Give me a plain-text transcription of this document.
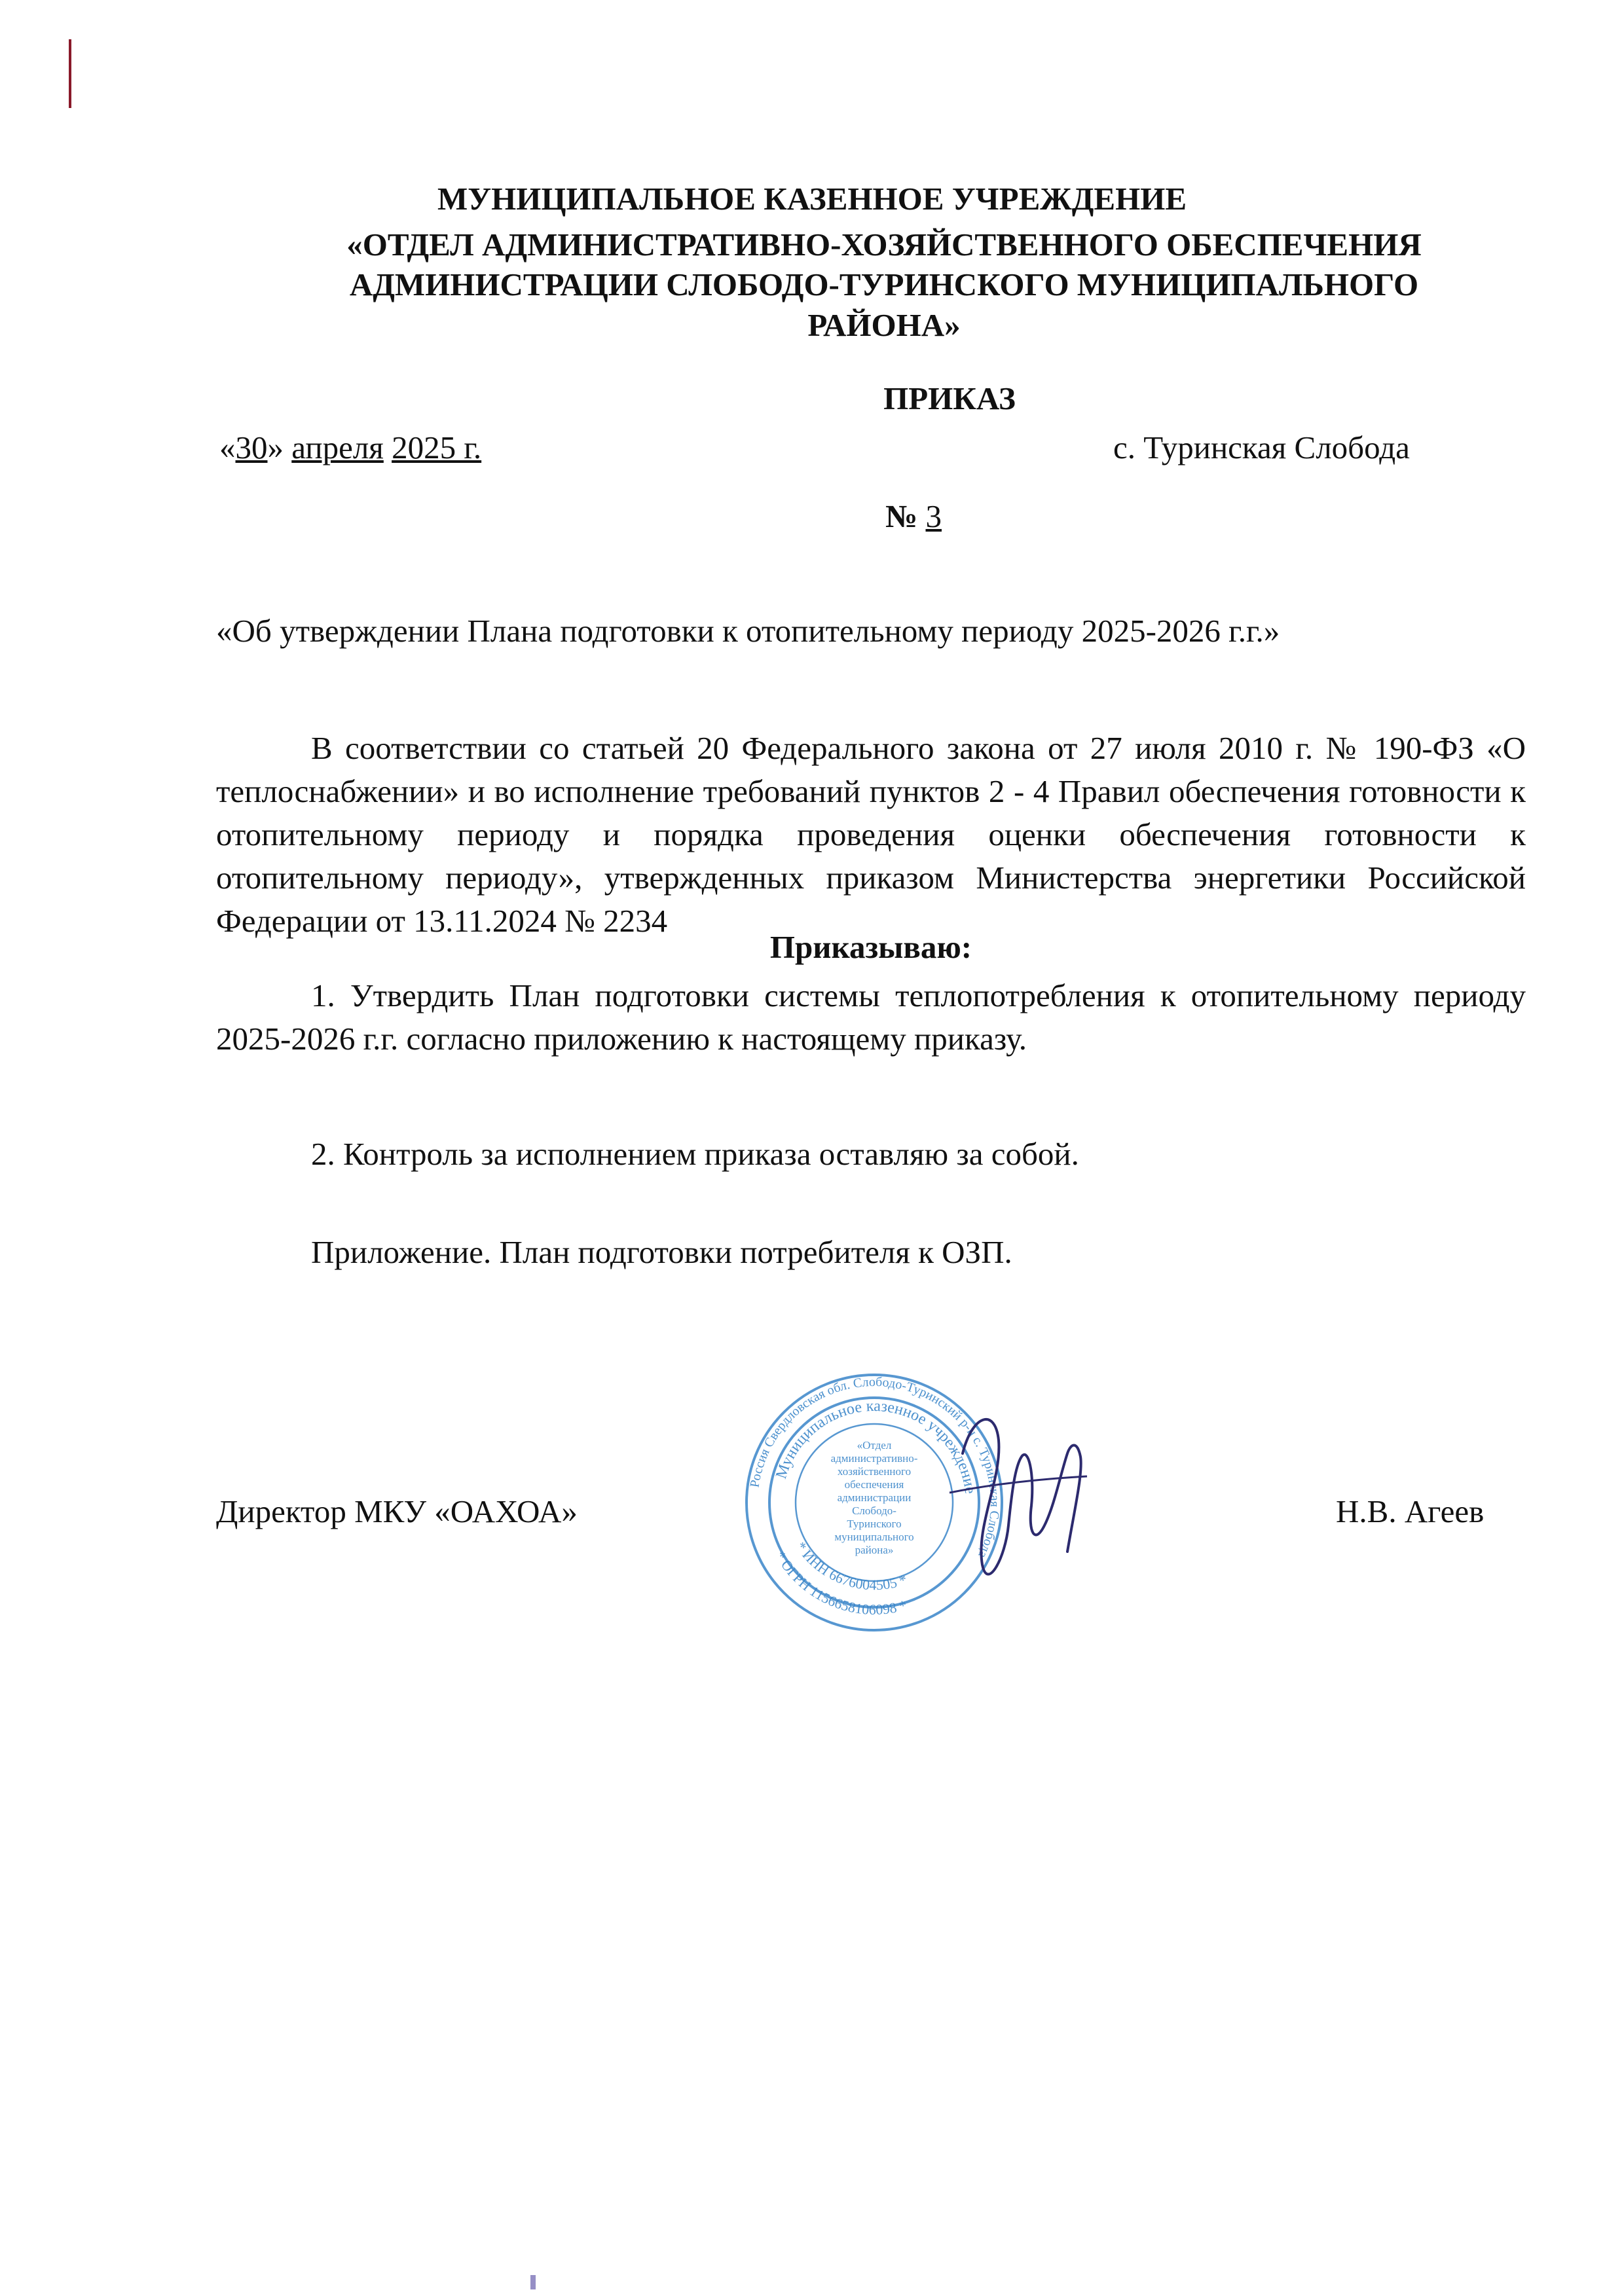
МУНИЦИПАЛЬНОЕ КАЗЕННОЕ УЧРЕЖДЕНИЕ
«ОТДЕЛ АДМИНИСТРАТИВНО-ХОЗЯЙСТВЕННОГО ОБЕСПЕЧЕНИЯ
АДМИНИСТРАЦИИ СЛОБОДО-ТУРИНСКОГО МУНИЦИПАЛЬНОГО
РАЙОНА»
ПРИКАЗ
«30» апреля 2025 г.	с. Туринская Слобода
№ 3
«Об утверждении Плана подготовки к отопительному периоду 2025-2026 г.г.»
В соответствии со статьей 20 Федерального закона от 27 июля 2010 г. № 190-ФЗ «О теплоснабжении» и во исполнение требований пунктов 2 - 4 Правил обеспечения готовности к отопительному периоду и порядка проведения оценки обеспечения готовности к отопительному периоду», утвержденных приказом Министерства энергетики Российской Федерации от 13.11.2024 № 2234
Приказываю:
1. Утвердить План подготовки системы теплопотребления к отопительному периоду 2025-2026 г.г. согласно приложению к настоящему приказу.
2. Контроль за исполнением приказа оставляю за собой.
Приложение. План подготовки потребителя к ОЗП.
Директор МКУ «ОАХОА»	Н.В. Агеев
Россия Свердловская обл. Слободо-Туринский р-н с. Туринская Слобода
Муниципальное казенное учреждение
* ИНН 6676004505 *
* ОГРН 1156658106098 *
«Отдел
административно-
хозяйственного
обеспечения
администрации
Слободо-
Туринского
муниципального
района»
